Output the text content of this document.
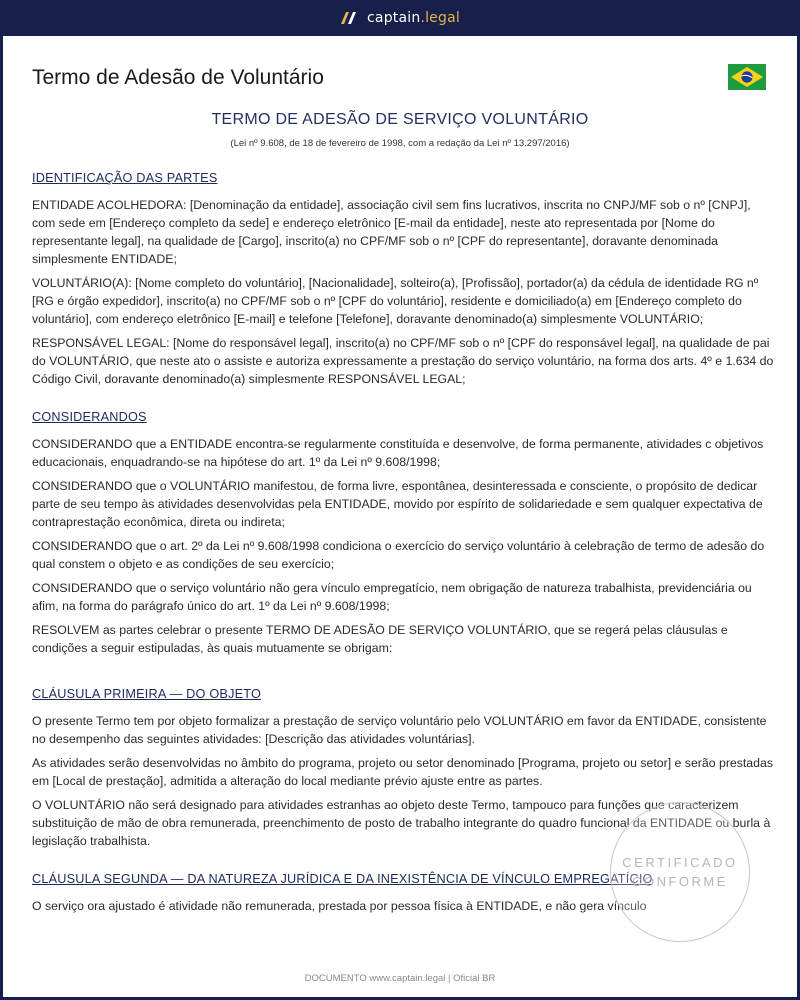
captain.legal
Termo de Adesão de Voluntário
TERMO DE ADESÃO DE SERVIÇO VOLUNTÁRIO
(Lei nº 9.608, de 18 de fevereiro de 1998, com a redação da Lei nº 13.297/2016)
IDENTIFICAÇÃO DAS PARTES

ENTIDADE ACOLHEDORA: [Denominação da entidade], associação civil sem fins lucrativos, inscrita no CNPJ/MF sob o nº [CNPJ], com sede em [Endereço completo da sede] e endereço eletrônico [E-mail da entidade], neste ato representada por [Nome do representante legal], na qualidade de [Cargo], inscrito(a) no CPF/MF sob o nº [CPF do representante], doravante denominada simplesmente ENTIDADE;

VOLUNTÁRIO(A): [Nome completo do voluntário], [Nacionalidade], solteiro(a), [Profissão], portador(a) da cédula de identidade RG nº [RG e órgão expedidor], inscrito(a) no CPF/MF sob o nº [CPF do voluntário], residente e domiciliado(a) em [Endereço completo do voluntário], com endereço eletrônico [E-mail] e telefone [Telefone], doravante denominado(a) simplesmente VOLUNTÁRIO;

RESPONSÁVEL LEGAL: [Nome do responsável legal], inscrito(a) no CPF/MF sob o nº [CPF do responsável legal], na qualidade de pai do VOLUNTÁRIO, que neste ato o assiste e autoriza expressamente a prestação do serviço voluntário, na forma dos arts. 4º e 1.634 do Código Civil, doravante denominado(a) simplesmente RESPONSÁVEL LEGAL;

CONSIDERANDOS

CONSIDERANDO que a ENTIDADE encontra-se regularmente constituída e desenvolve, de forma permanente, atividades c objetivos educacionais, enquadrando-se na hipótese do art. 1º da Lei nº 9.608/1998;

CONSIDERANDO que o VOLUNTÁRIO manifestou, de forma livre, espontânea, desinteressada e consciente, o propósito de dedicar parte de seu tempo às atividades desenvolvidas pela ENTIDADE, movido por espírito de solidariedade e sem qualquer expectativa de contraprestação econômica, direta ou indireta;

CONSIDERANDO que o art. 2º da Lei nº 9.608/1998 condiciona o exercício do serviço voluntário à celebração de termo de adesão do qual constem o objeto e as condições de seu exercício;

CONSIDERANDO que o serviço voluntário não gera vínculo empregatício, nem obrigação de natureza trabalhista, previdenciária ou afim, na forma do parágrafo único do art. 1º da Lei nº 9.608/1998;

RESOLVEM as partes celebrar o presente TERMO DE ADESÃO DE SERVIÇO VOLUNTÁRIO, que se regerá pelas cláusulas e condições a seguir estipuladas, às quais mutuamente se obrigam:

CLÁUSULA PRIMEIRA — DO OBJETO

O presente Termo tem por objeto formalizar a prestação de serviço voluntário pelo VOLUNTÁRIO em favor da ENTIDADE, consistente no desempenho das seguintes atividades: [Descrição das atividades voluntárias].

As atividades serão desenvolvidas no âmbito do programa, projeto ou setor denominado [Programa, projeto ou setor] e serão prestadas em [Local de prestação], admitida a alteração do local mediante prévio ajuste entre as partes.

O VOLUNTÁRIO não será designado para atividades estranhas ao objeto deste Termo, tampouco para funções que caracterizem substituição de mão de obra remunerada, preenchimento de posto de trabalho integrante do quadro funcional da ENTIDADE ou burla à legislação trabalhista.

CLÁUSULA SEGUNDA — DA NATUREZA JURÍDICA E DA INEXISTÊNCIA DE VÍNCULO EMPREGATÍCIO

O serviço ora ajustado é atividade não remunerada, prestada por pessoa física à ENTIDADE, e não gera vínculo

CERTIFICADO
CONFORME
DOCUMENTO www.captain.legal | Oficial BR
